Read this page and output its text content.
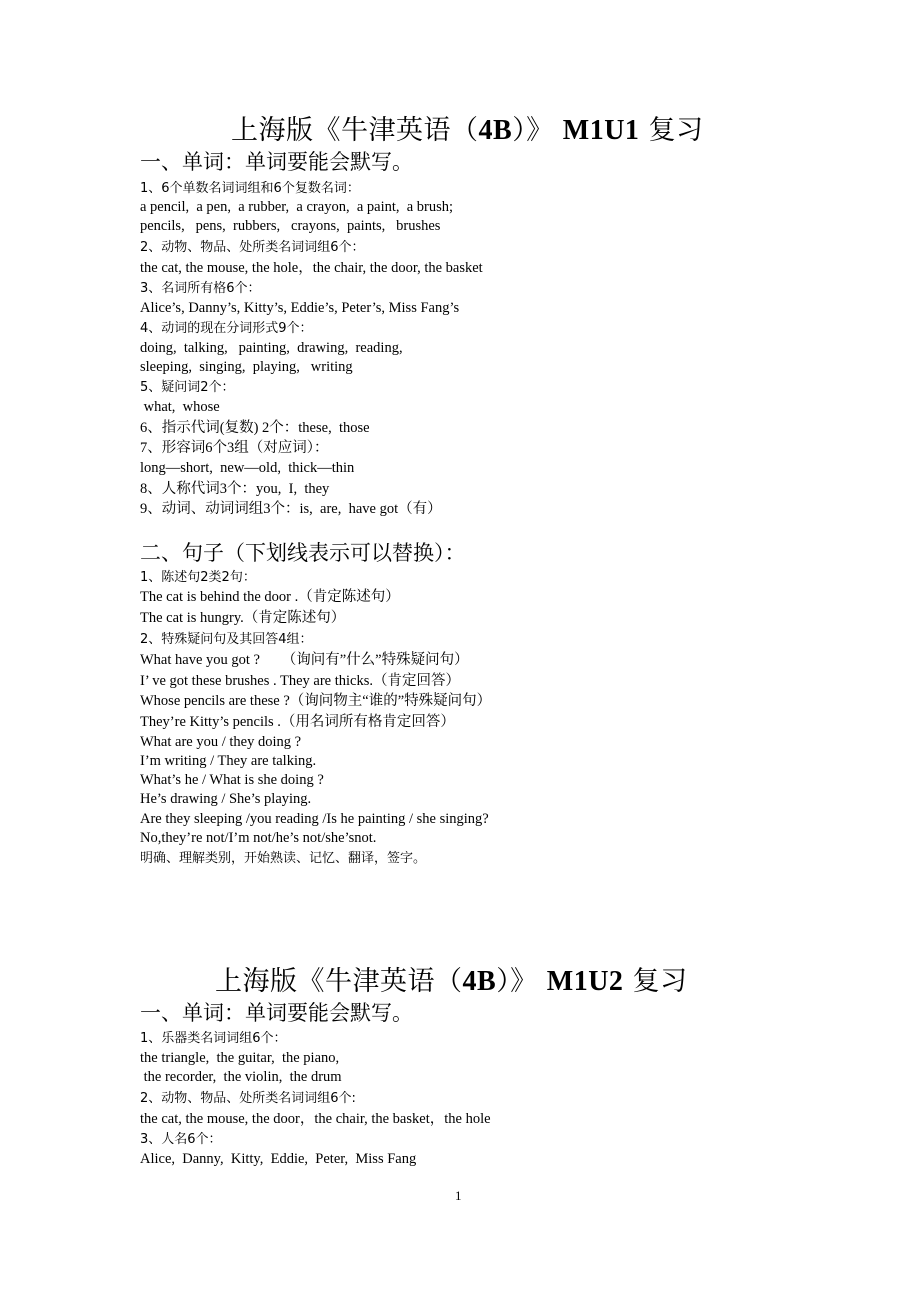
上海版《牛津英语（4B）》 M1U1 复习
一、单词：单词要能会默写。
1、6个单数名词词组和6个复数名词：
a pencil,  a pen,  a rubber,  a crayon,  a paint,  a brush;
pencils,   pens,  rubbers,   crayons,  paints,   brushes
2、动物、物品、处所类名词词组6个：
the cat, the mouse, the hole，the chair, the door, the basket
3、名词所有格6个：
Alice’s, Danny’s, Kitty’s, Eddie’s, Peter’s, Miss Fang’s
4、动词的现在分词形式9个：
doing,  talking,   painting,  drawing,  reading,
sleeping,  singing,  playing,   writing
5、疑问词2个：
what,  whose
6、指示代词(复数) 2个：these,  those
7、形容词6个3组（对应词）：
long—short,  new—old,  thick—thin
8、人称代词3个：you,  I,  they
9、动词、动词词组3个：is,  are,  have got（有）
二、句子（下划线表示可以替换）：
1、陈述句2类2句：
The cat is behind the door .（肯定陈述句）
The cat is hungry.（肯定陈述句）
2、特殊疑问句及其回答4组：
What have you got ?      （询问有”什么”特殊疑问句）
I’ ve got these brushes . They are thicks.（肯定回答）
Whose pencils are these ?（询问物主“谁的”特殊疑问句）
They’re Kitty’s pencils .（用名词所有格肯定回答）
What are you / they doing ?
I’m writing / They are talking.
What’s he / What is she doing ?
He’s drawing / She’s playing.
Are they sleeping /you reading /Is he painting / she singing?
No,they’re not/I’m not/he’s not/she’snot.
明确、理解类别，开始熟读、记忆、翻译，签字。
上海版《牛津英语（4B）》 M1U2 复习
一、单词：单词要能会默写。
1、乐器类名词词组6个：
the triangle,  the guitar,  the piano,
the recorder,  the violin,  the drum
2、动物、物品、处所类名词词组6个:
the cat, the mouse, the door，the chair, the basket，the hole
3、人名6个：
Alice,  Danny,  Kitty,  Eddie,  Peter,  Miss Fang
1
